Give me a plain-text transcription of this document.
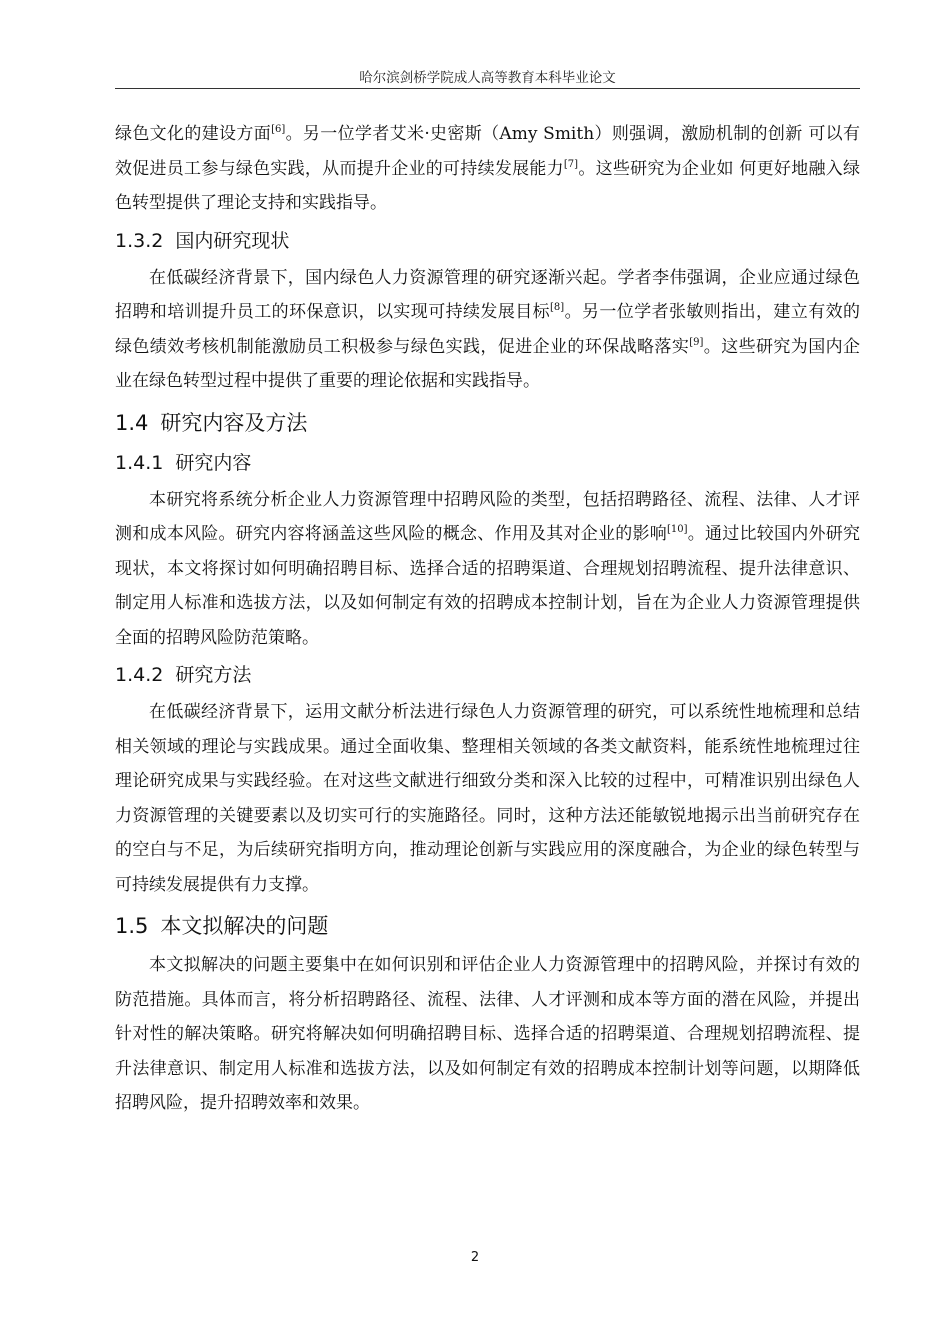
哈尔滨剑桥学院成人高等教育本科毕业论文

绿色文化的建设方面[6]。另一位学者艾米·史密斯（Amy Smith）则强调，激励机制的创新 可以有效促进员工参与绿色实践，从而提升企业的可持续发展能力[7]。这些研究为企业如 何更好地融入绿色转型提供了理论支持和实践指导。

1.3.2 国内研究现状

在低碳经济背景下，国内绿色人力资源管理的研究逐渐兴起。学者李伟强调，企业应通过绿色招聘和培训提升员工的环保意识，以实现可持续发展目标[8]。另一位学者张敏则指出，建立有效的绿色绩效考核机制能激励员工积极参与绿色实践，促进企业的环保战略落实[9]。这些研究为国内企业在绿色转型过程中提供了重要的理论依据和实践指导。

1.4 研究内容及方法
1.4.1 研究内容

本研究将系统分析企业人力资源管理中招聘风险的类型，包括招聘路径、流程、法律、人才评测和成本风险。研究内容将涵盖这些风险的概念、作用及其对企业的影响[10]。通过比较国内外研究现状，本文将探讨如何明确招聘目标、选择合适的招聘渠道、合理规划招聘流程、提升法律意识、制定用人标准和选拔方法，以及如何制定有效的招聘成本控制计划，旨在为企业人力资源管理提供全面的招聘风险防范策略。

1.4.2 研究方法

在低碳经济背景下，运用文献分析法进行绿色人力资源管理的研究，可以系统性地梳理和总结相关领域的理论与实践成果。通过全面收集、整理相关领域的各类文献资料，能系统性地梳理过往理论研究成果与实践经验。在对这些文献进行细致分类和深入比较的过程中，可精准识别出绿色人力资源管理的关键要素以及切实可行的实施路径。同时，这种方法还能敏锐地揭示出当前研究存在的空白与不足，为后续研究指明方向，推动理论创新与实践应用的深度融合，为企业的绿色转型与可持续发展提供有力支撑。

1.5 本文拟解决的问题

本文拟解决的问题主要集中在如何识别和评估企业人力资源管理中的招聘风险，并探讨有效的防范措施。具体而言，将分析招聘路径、流程、法律、人才评测和成本等方面的潜在风险，并提出针对性的解决策略。研究将解决如何明确招聘目标、选择合适的招聘渠道、合理规划招聘流程、提升法律意识、制定用人标准和选拔方法，以及如何制定有效的招聘成本控制计划等问题，以期降低招聘风险，提升招聘效率和效果。

2
